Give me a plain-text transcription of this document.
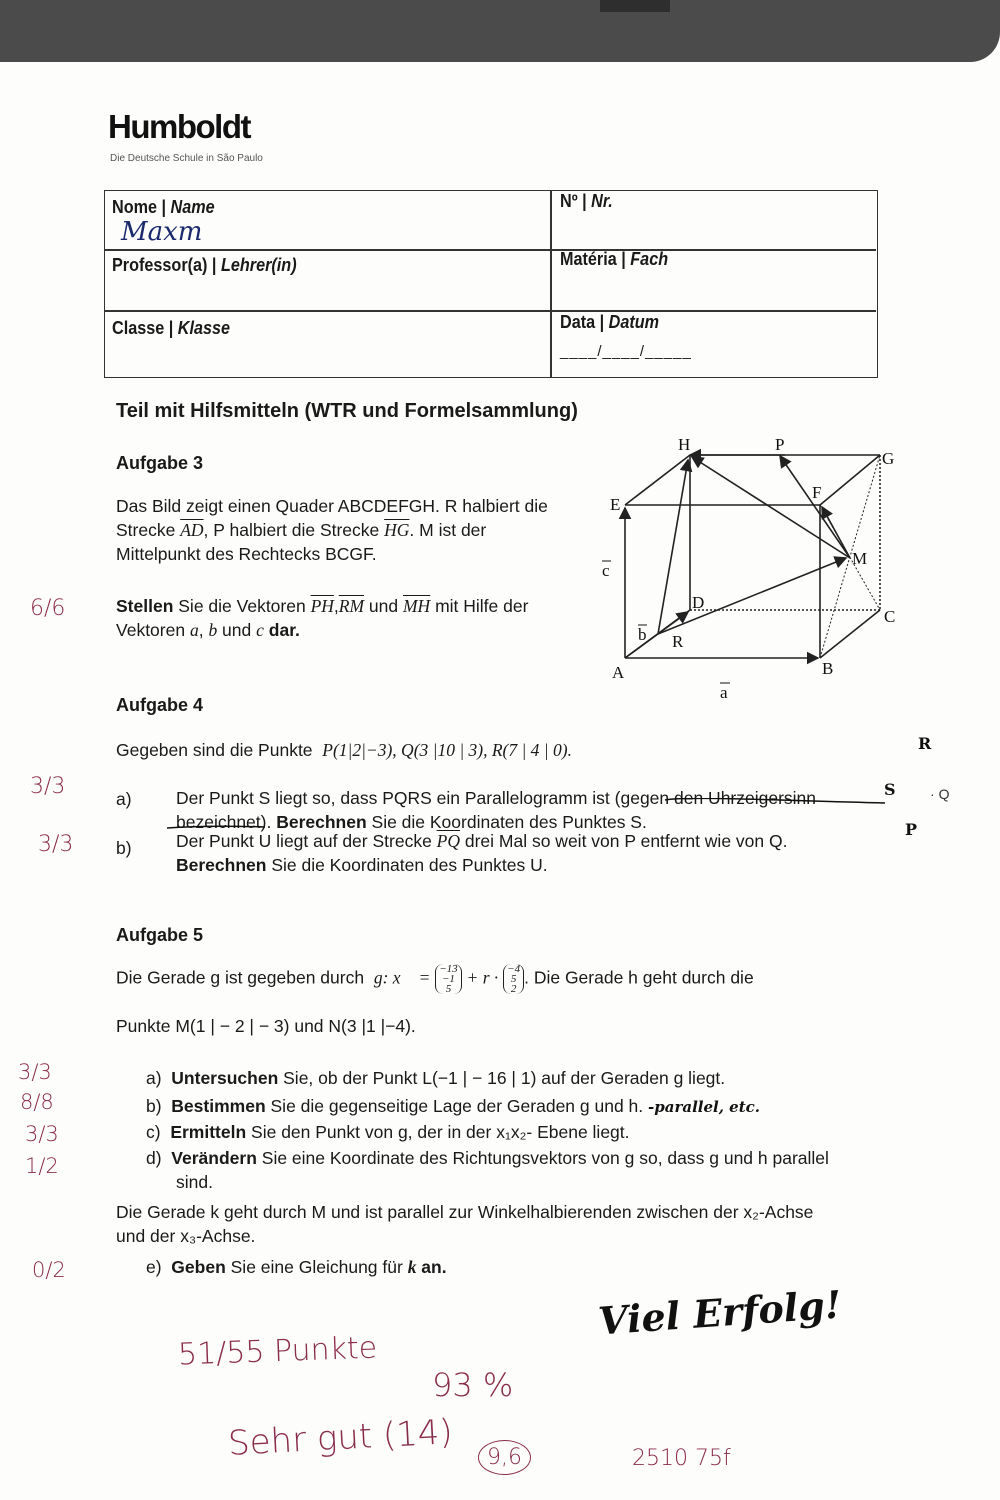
Humboldt
Die Deutsche Schule in São Paulo
Nome | Name
Maxm
Nº | Nr.
Professor(a) | Lehrer(in)	Matéria | Fach
Classe | Klasse	Data | Datum
____/____/_____
Teil mit Hilfsmitteln (WTR und Formelsammlung)
Aufgabe 3
Das Bild zeigt einen Quader ABCDEFGH. R halbiert die Strecke $\overline{AD}$, P halbiert die Strecke $\overline{HG}$. M ist der Mittelpunkt des Rechtecks BCGF.
Stellen Sie die Vektoren $\overline{PH},\overline{RM}$ und $\overline{MH}$ mit Hilfe der Vektoren a, b und c dar.
H	P
G
E
F
M
D
C
R
A	B
a
c
b
Aufgabe 4
Gegeben sind die Punkte P(1|2|−3), Q(3 |10 | 3), R(7 | 4 | 0).
a)	Der Punkt S liegt so, dass PQRS ein Parallelogramm ist (gegen den Uhrzeigersinn
bezeichnet). Berechnen Sie die Koordinaten des Punktes S.
b)	Der Punkt U liegt auf der Strecke $\overline{PQ}$ drei Mal so weit von P entfernt wie von Q.
Berechnen Sie die Koordinaten des Punktes U.
Aufgabe 5
Die Gerade g ist gegeben durch g: x⃗ = −13
−1
5 + r · −4
5
2. Die Gerade h geht durch die
Punkte M(1 | − 2 | − 3) und N(3 |1 |−4).
a) Untersuchen Sie, ob der Punkt L(−1 | − 16 | 1) auf der Geraden g liegt.
b) Bestimmen Sie die gegenseitige Lage der Geraden g und h. -parallel, etc.
c) Ermitteln Sie den Punkt von g, der in der x₁x₂- Ebene liegt.
d) Verändern Sie eine Koordinate des Richtungsvektors von g so, dass g und h parallel
sind.
Die Gerade k geht durch M und ist parallel zur Winkelhalbierenden zwischen der x₂-Achse
und der x₃-Achse.
e) Geben Sie eine Gleichung für k an.
Viel Erfolg!
6/6
3/3
3/3
3/3
8/8
3/3
1/2
0/2
R
S · Q
P
51/55 Punkte
93 %
Sehr gut (14)	9,6	2510 75f
